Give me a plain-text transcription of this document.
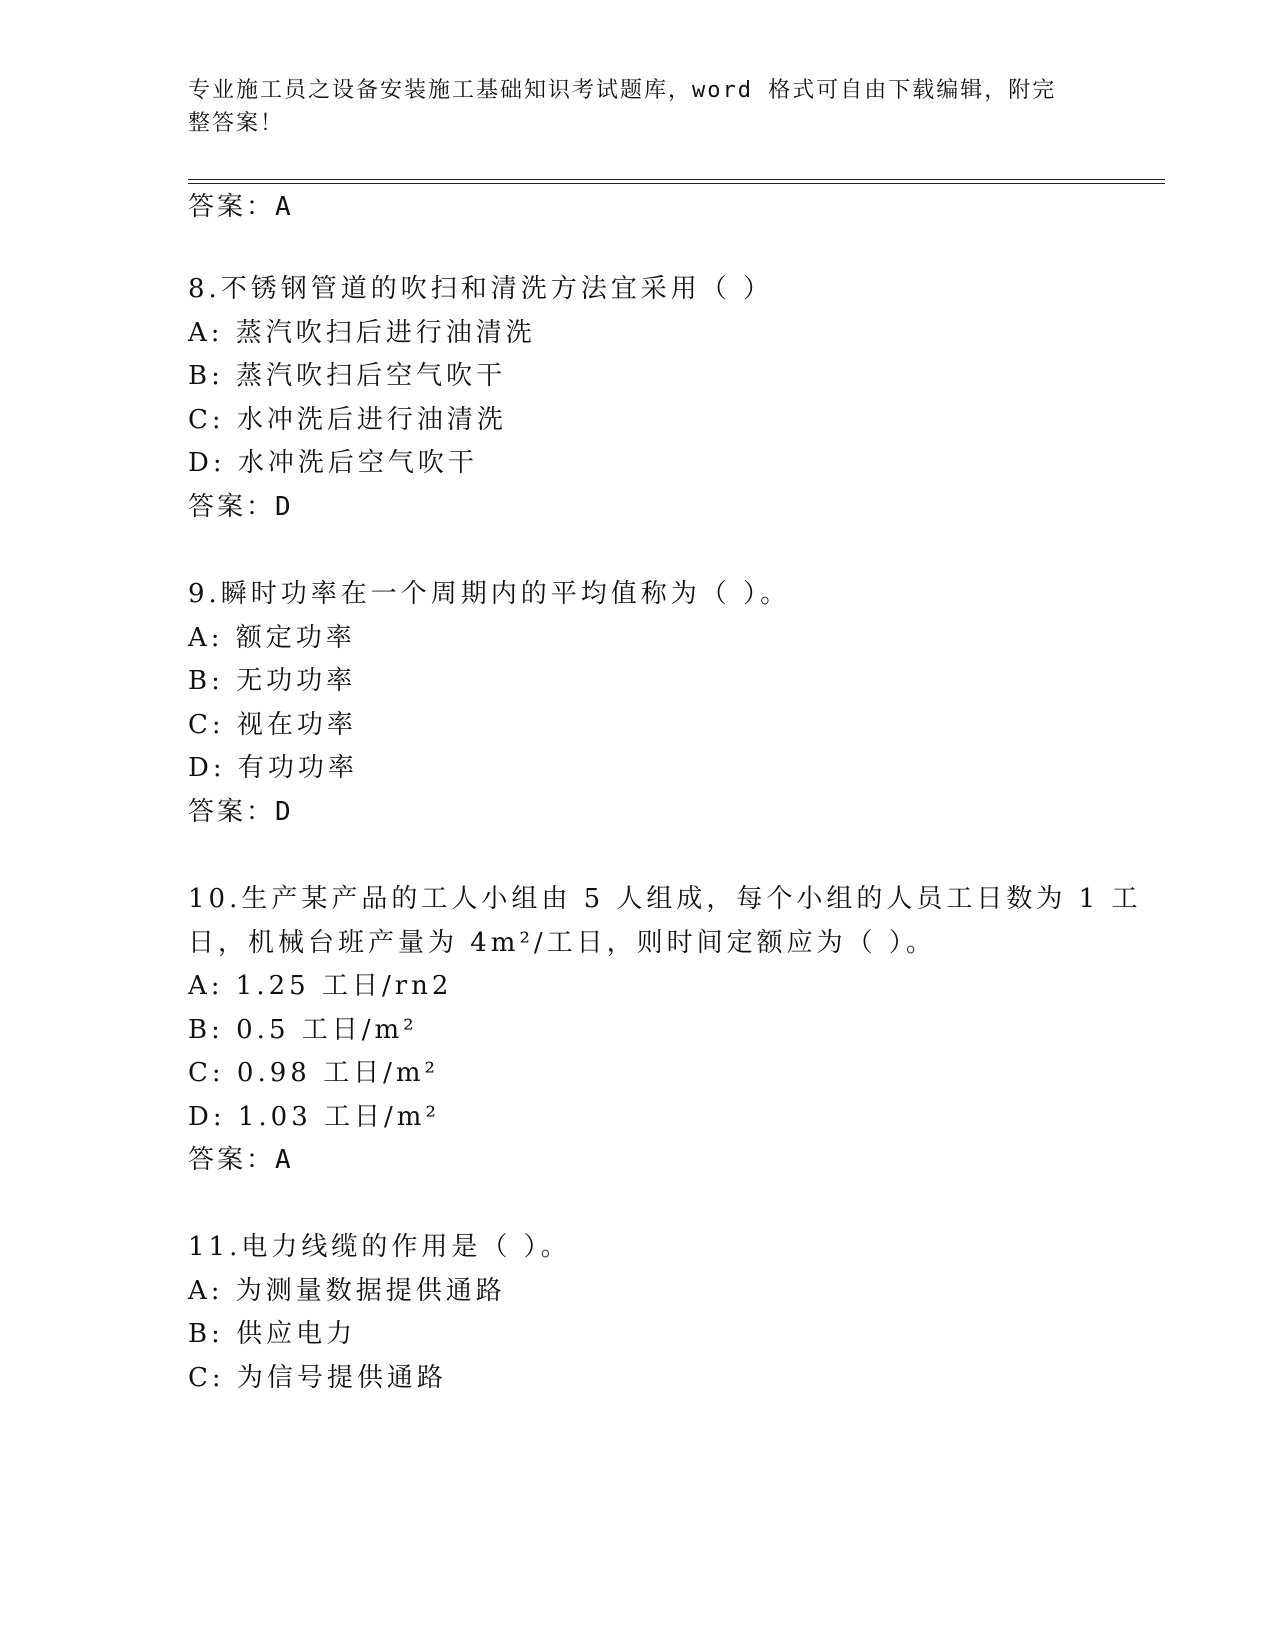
专业施工员之设备安装施工基础知识考试题库，word 格式可自由下载编辑，附完
整答案！
答案：A
8.不锈钢管道的吹扫和清洗方法宜采用（ ）
A: 蒸汽吹扫后进行油清洗
B: 蒸汽吹扫后空气吹干
C: 水冲洗后进行油清洗
D: 水冲洗后空气吹干
答案：D
9.瞬时功率在一个周期内的平均值称为（ ）。
A: 额定功率
B: 无功功率
C: 视在功率
D: 有功功率
答案：D
10.生产某产品的工人小组由 5 人组成，每个小组的人员工日数为 1 工
日，机械台班产量为 4m²/工日，则时间定额应为（ ）。
A: 1.25 工日/rn2
B: 0.5 工日/m²
C: 0.98 工日/m²
D: 1.03 工日/m²
答案：A
11.电力线缆的作用是（ ）。
A: 为测量数据提供通路
B: 供应电力
C: 为信号提供通路
